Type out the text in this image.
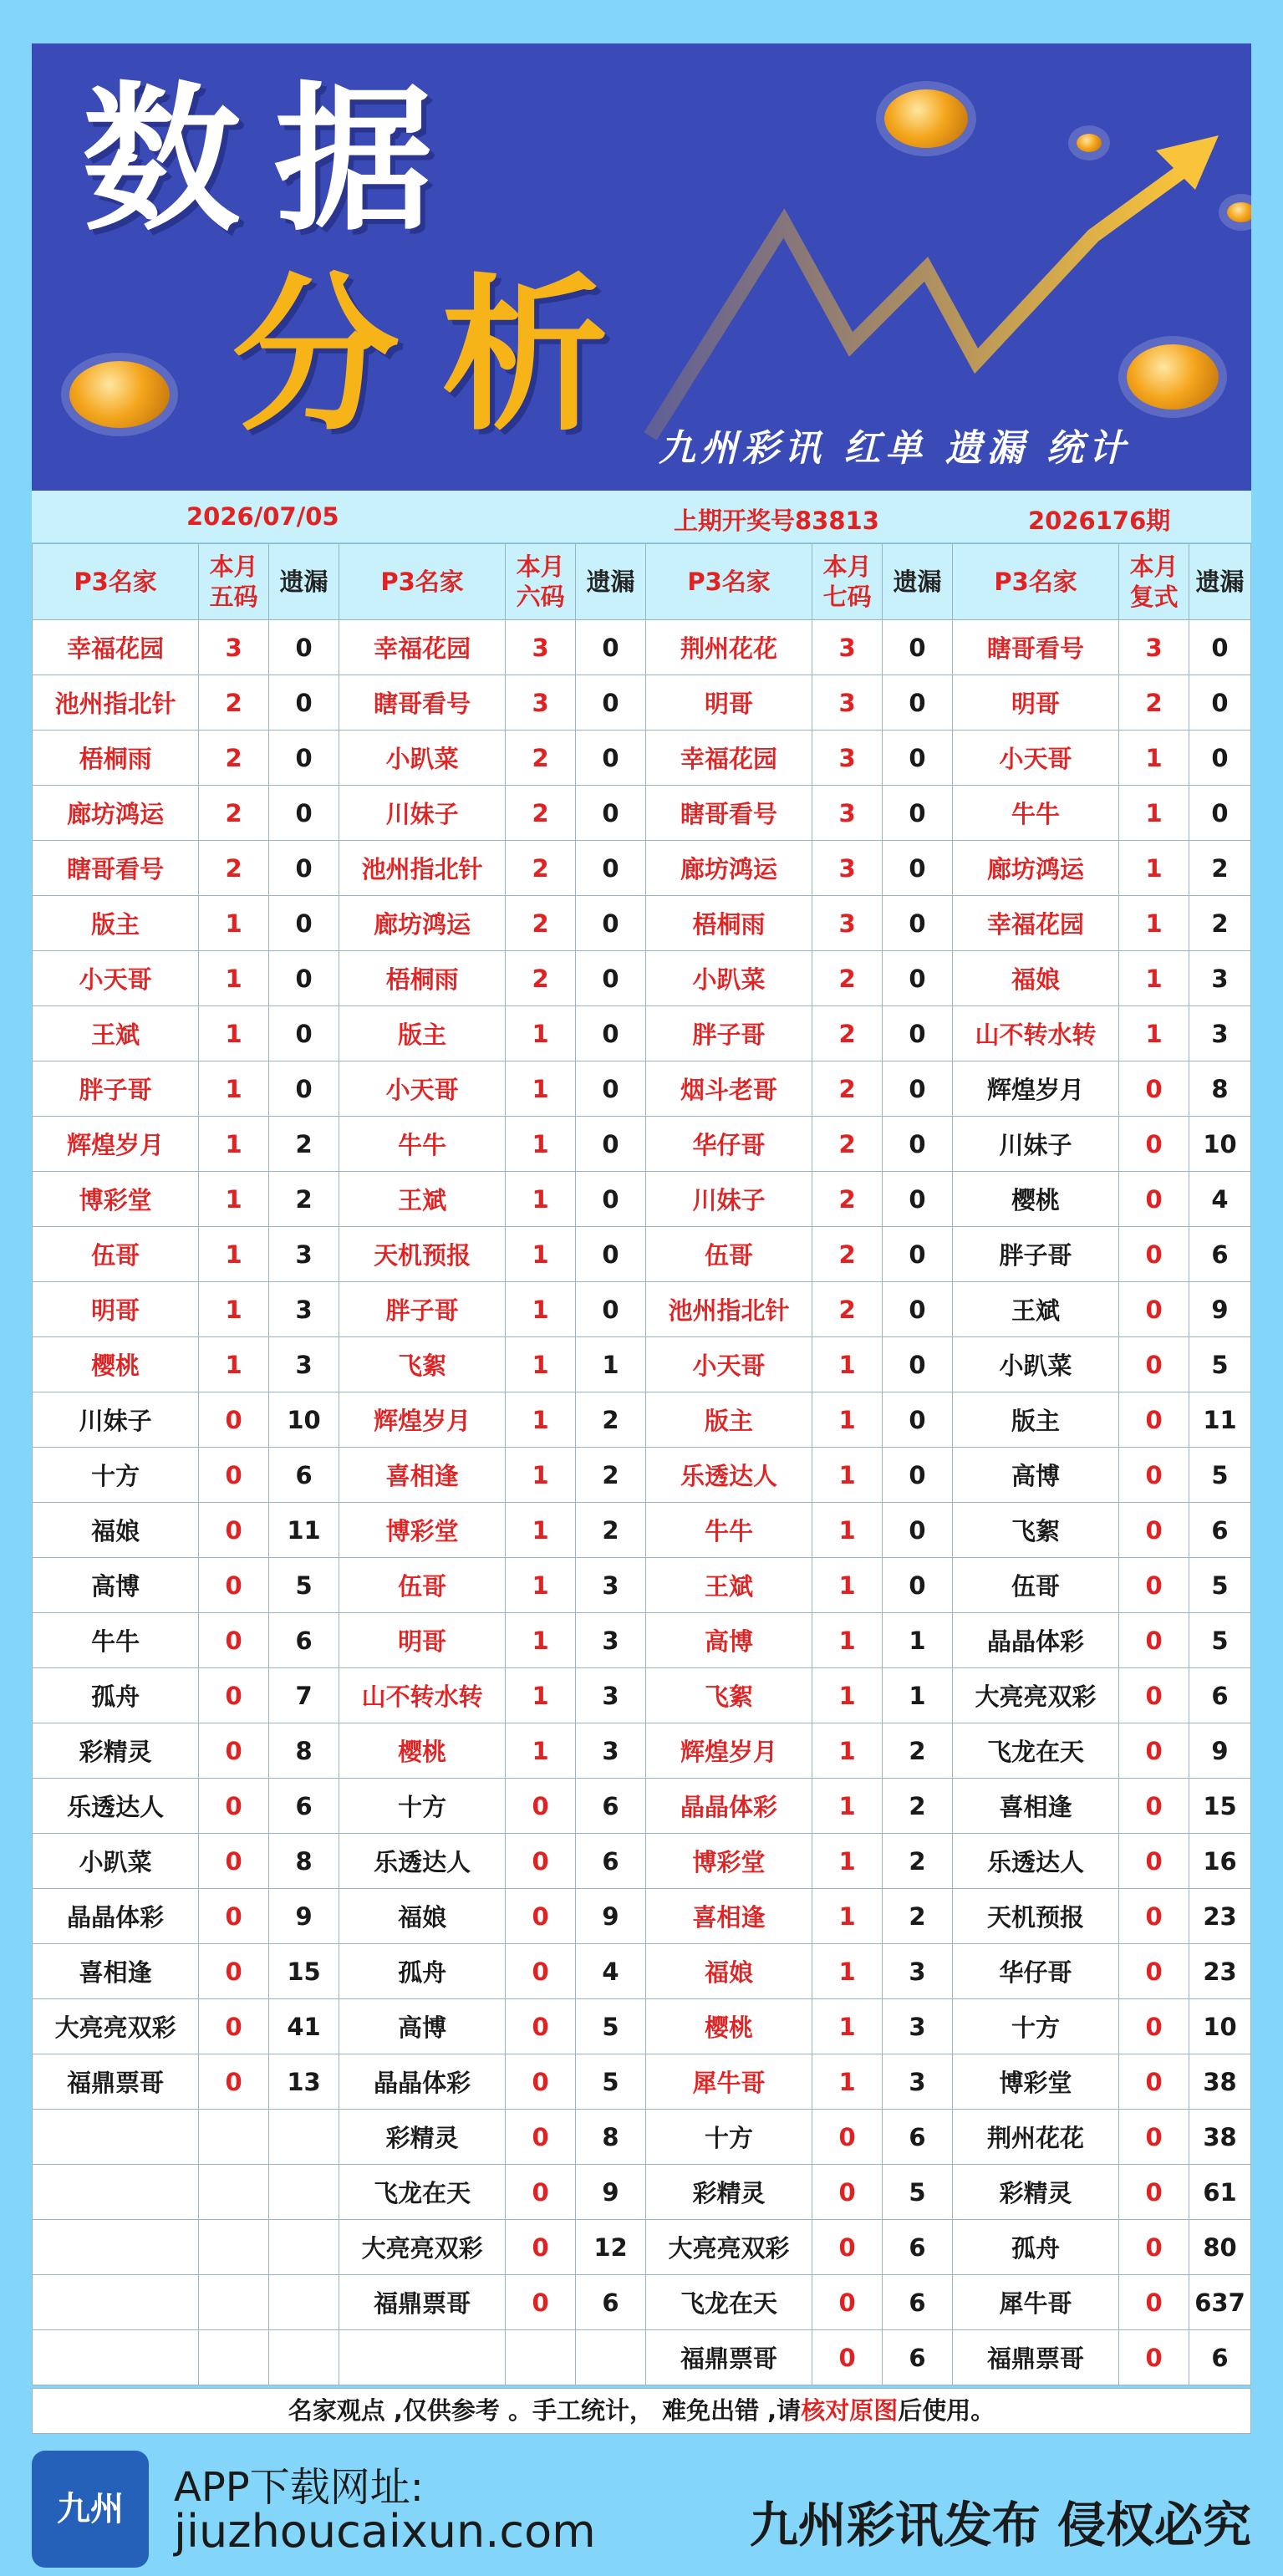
数据
分析 九州彩讯 红单 遗漏 统计
2026/07/05	上期开奖号83813	2026176期
P3名家	本月五码	遗漏	P3名家	本月六码	遗漏	P3名家	本月七码	遗漏	P3名家	本月复式	遗漏
幸福花园	3	0	幸福花园	3	0	荆州花花	3	0	瞎哥看号	3	0
池州指北针	2	0	瞎哥看号	3	0	明哥	3	0	明哥	2	0
梧桐雨	2	0	小趴菜	2	0	幸福花园	3	0	小天哥	1	0
廊坊鸿运	2	0	川妹子	2	0	瞎哥看号	3	0	牛牛	1	0
瞎哥看号	2	0	池州指北针	2	0	廊坊鸿运	3	0	廊坊鸿运	1	2
版主	1	0	廊坊鸿运	2	0	梧桐雨	3	0	幸福花园	1	2
小天哥	1	0	梧桐雨	2	0	小趴菜	2	0	福娘	1	3
王斌	1	0	版主	1	0	胖子哥	2	0	山不转水转	1	3
胖子哥	1	0	小天哥	1	0	烟斗老哥	2	0	辉煌岁月	0	8
辉煌岁月	1	2	牛牛	1	0	华仔哥	2	0	川妹子	0	10
博彩堂	1	2	王斌	1	0	川妹子	2	0	樱桃	0	4
伍哥	1	3	天机预报	1	0	伍哥	2	0	胖子哥	0	6
明哥	1	3	胖子哥	1	0	池州指北针	2	0	王斌	0	9
樱桃	1	3	飞絮	1	1	小天哥	1	0	小趴菜	0	5
川妹子	0	10	辉煌岁月	1	2	版主	1	0	版主	0	11
十方	0	6	喜相逢	1	2	乐透达人	1	0	高博	0	5
福娘	0	11	博彩堂	1	2	牛牛	1	0	飞絮	0	6
高博	0	5	伍哥	1	3	王斌	1	0	伍哥	0	5
牛牛	0	6	明哥	1	3	高博	1	1	晶晶体彩	0	5
孤舟	0	7	山不转水转	1	3	飞絮	1	1	大亮亮双彩	0	6
彩精灵	0	8	樱桃	1	3	辉煌岁月	1	2	飞龙在天	0	9
乐透达人	0	6	十方	0	6	晶晶体彩	1	2	喜相逢	0	15
小趴菜	0	8	乐透达人	0	6	博彩堂	1	2	乐透达人	0	16
晶晶体彩	0	9	福娘	0	9	喜相逢	1	2	天机预报	0	23
喜相逢	0	15	孤舟	0	4	福娘	1	3	华仔哥	0	23
大亮亮双彩	0	41	高博	0	5	樱桃	1	3	十方	0	10
福鼎票哥	0	13	晶晶体彩	0	5	犀牛哥	1	3	博彩堂	0	38
			彩精灵	0	8	十方	0	6	荆州花花	0	38
			飞龙在天	0	9	彩精灵	0	5	彩精灵	0	61
			大亮亮双彩	0	12	大亮亮双彩	0	6	孤舟	0	80
			福鼎票哥	0	6	飞龙在天	0	6	犀牛哥	0	637
						福鼎票哥	0	6	福鼎票哥	0	6
名家观点 ,仅供参考 。手工统计， 难免出错 ,请核对原图后使用。
九州	APP下载网址:
jiuzhoucaixun.com	九州彩讯发布 侵权必究
